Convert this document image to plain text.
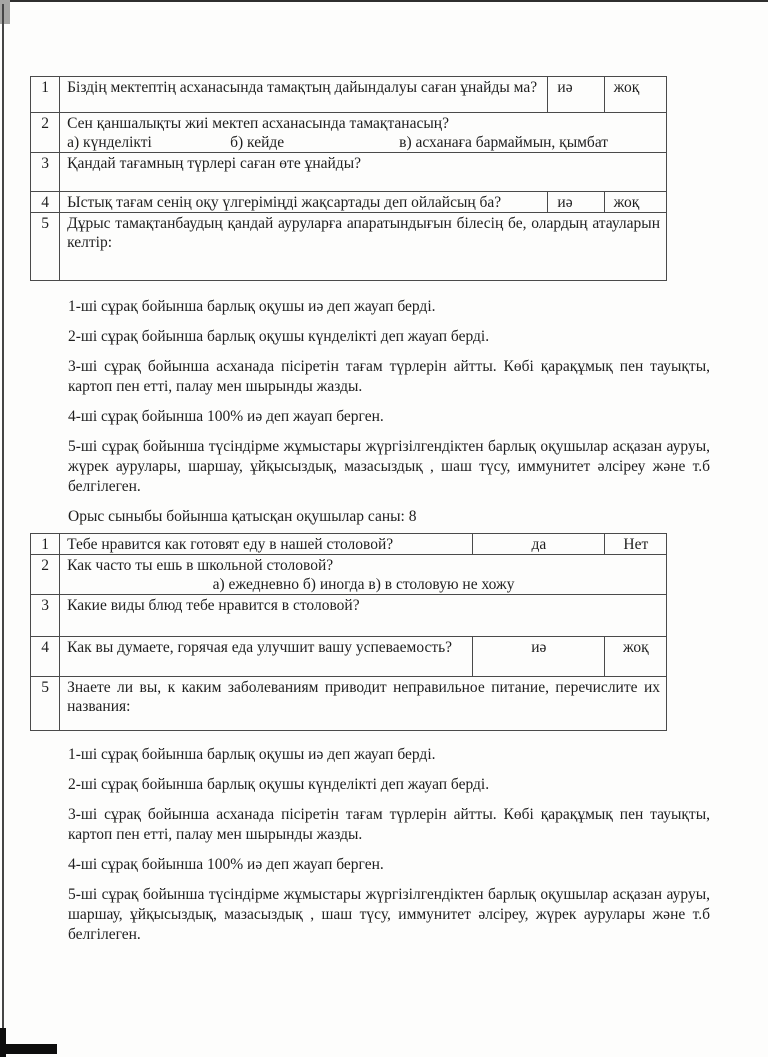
1	Біздің мектептің асханасында тамақтың дайындалуы саған ұнайды ма?	иә	жоқ
2	Сен қаншалықты жиі мектеп асханасында тамақтанасың?
а) күнделікті б) кейде в) асханаға бармаймын, қымбат		

3	Қандай тағамның түрлері саған өте ұнайды?		
4	Ыстық тағам сенің оқу үлгеріміңді жақсартады деп ойлайсың ба?	иә	жоқ
5	Дұрыс тамақтанбаудың қандай ауруларға апаратындығын білесің бе, олардың атауларын келтір:		

1-ші сұрақ бойынша барлық оқушы иә деп жауап берді.

2-ші сұрақ бойынша барлық оқушы күнделікті деп жауап берді.

3-ші сұрақ бойынша асханада пісіретін тағам түрлерін айтты. Көбі қарақұмық пен тауықты, картоп пен етті, палау мен шырынды жазды.

4-ші сұрақ бойынша 100% иә деп жауап берген.

5-ші сұрақ бойынша түсіндірме жұмыстары жүргізілгендіктен барлық оқушылар асқазан ауруы, жүрек аурулары, шаршау, ұйқысыздық, мазасыздық , шаш түсу, иммунитет әлсіреу және т.б белгілеген.

Орыс сыныбы бойынша қатысқан оқушылар саны: 8

1	Тебе нравится как готовят еду в нашей столовой?	да	Нет
2	Как часто ты ешь в школьной столовой?
а) ежедневно б) иногда в) в столовую не хожу		

3	Какие виды блюд тебе нравится в столовой?		
4	Как вы думаете, горячая еда улучшит вашу успеваемость?	иә	жоқ
5	Знаете ли вы, к каким заболеваниям приводит неправильное питание, перечислите их названия:		

1-ші сұрақ бойынша барлық оқушы иә деп жауап берді.

2-ші сұрақ бойынша барлық оқушы күнделікті деп жауап берді.

3-ші сұрақ бойынша асханада пісіретін тағам түрлерін айтты. Көбі қарақұмық пен тауықты, картоп пен етті, палау мен шырынды жазды.

4-ші сұрақ бойынша 100% иә деп жауап берген.

5-ші сұрақ бойынша түсіндірме жұмыстары жүргізілгендіктен барлық оқушылар асқазан ауруы, шаршау, ұйқысыздық, мазасыздық , шаш түсу, иммунитет әлсіреу, жүрек аурулары және т.б белгілеген.
